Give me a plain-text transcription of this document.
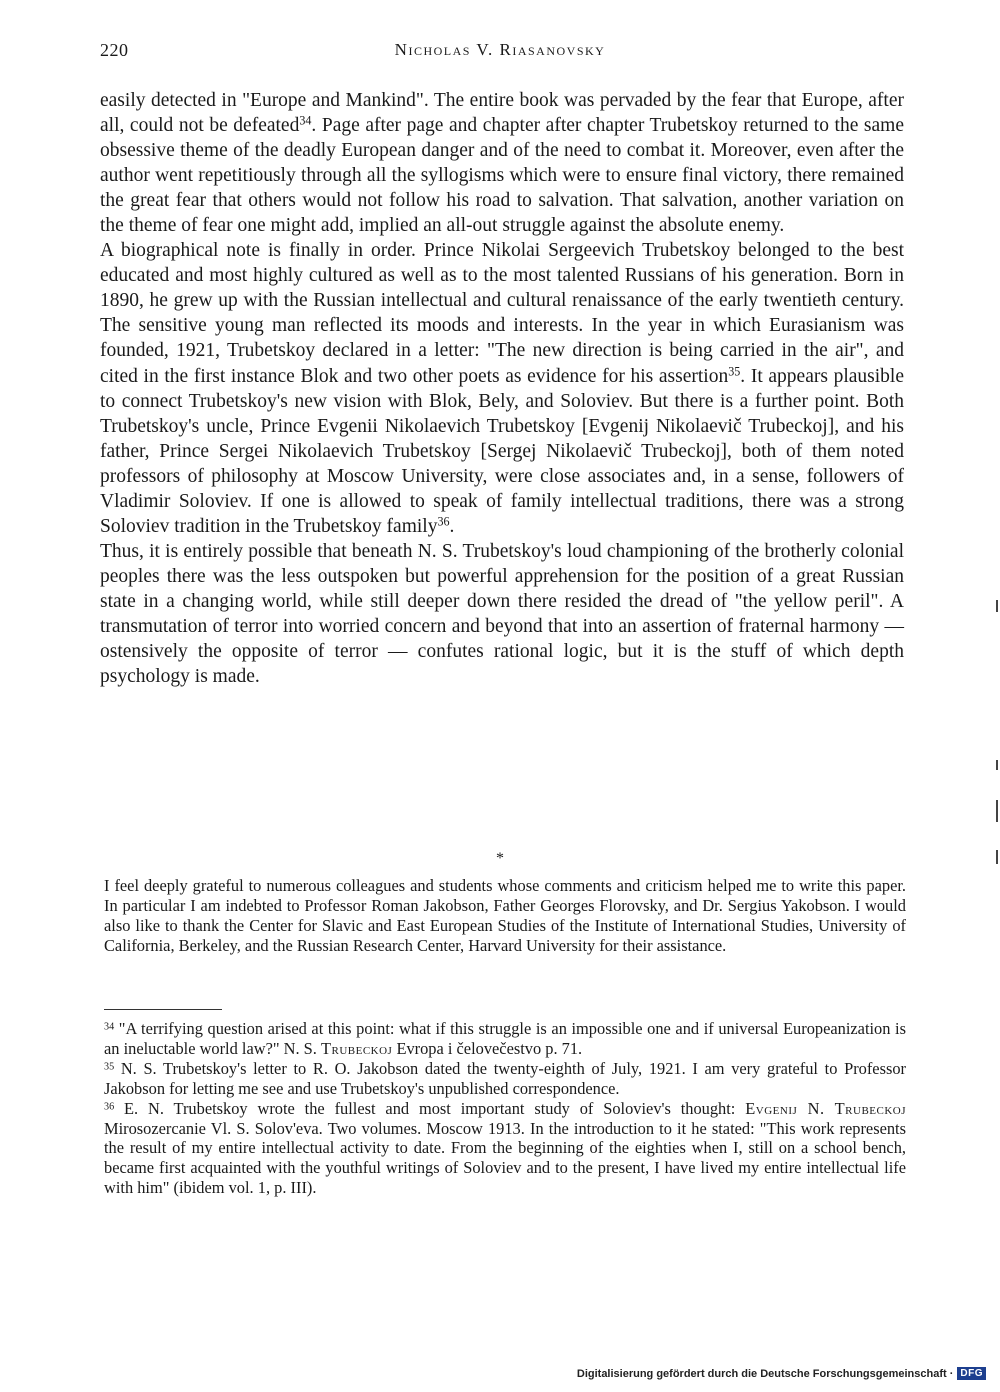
220	Nicholas V. Riasanovsky

easily detected in "Europe and Mankind". The entire book was pervaded by the fear that Europe, after all, could not be defeated$^{34}$. Page after page and chapter after chapter Trubetskoy returned to the same obsessive theme of the deadly European danger and of the need to combat it. Moreover, even after the author went repetitiously through all the syllogisms which were to ensure final victory, there remained the great fear that others would not follow his road to salvation. That salvation, another variation on the theme of fear one might add, implied an all-out struggle against the absolute enemy.

A biographical note is finally in order. Prince Nikolai Sergeevich Trubetskoy belonged to the best educated and most highly cultured as well as to the most talented Russians of his generation. Born in 1890, he grew up with the Russian intellectual and cultural renaissance of the early twentieth century. The sensitive young man reflected its moods and interests. In the year in which Eurasianism was founded, 1921, Trubetskoy declared in a letter: "The new direction is being carried in the air", and cited in the first instance Blok and two other poets as evidence for his assertion$^{35}$. It appears plausible to connect Trubetskoy's new vision with Blok, Bely, and Soloviev. But there is a further point. Both Trubetskoy's uncle, Prince Evgenii Nikolaevich Trubetskoy [Evgenij Nikolaevič Trubeckoj], and his father, Prince Sergei Nikolaevich Trubetskoy [Sergej Nikolaevič Trubeckoj], both of them noted professors of philosophy at Moscow University, were close associates and, in a sense, followers of Vladimir Soloviev. If one is allowed to speak of family intellectual traditions, there was a strong Soloviev tradition in the Trubetskoy family$^{36}$.

Thus, it is entirely possible that beneath N. S. Trubetskoy's loud championing of the brotherly colonial peoples there was the less outspoken but powerful apprehension for the position of a great Russian state in a changing world, while still deeper down there resided the dread of "the yellow peril". A transmutation of terror into worried concern and beyond that into an assertion of fraternal harmony — ostensively the opposite of terror — confutes rational logic, but it is the stuff of which depth psychology is made.

*

I feel deeply grateful to numerous colleagues and students whose comments and criticism helped me to write this paper. In particular I am indebted to Professor Roman Jakobson, Father Georges Florovsky, and Dr. Sergius Yakobson. I would also like to thank the Center for Slavic and East European Studies of the Institute of International Studies, University of California, Berkeley, and the Russian Research Center, Harvard University for their assistance.

$^{34}$ "A terrifying question arised at this point: what if this struggle is an impossible one and if universal Europeanization is an ineluctable world law?" N. S. Trubeckoj Evropa i čelovečestvo p. 71.

$^{35}$ N. S. Trubetskoy's letter to R. O. Jakobson dated the twenty-eighth of July, 1921. I am very grateful to Professor Jakobson for letting me see and use Trubetskoy's unpublished correspondence.

$^{36}$ E. N. Trubetskoy wrote the fullest and most important study of Soloviev's thought: Evgenij N. Trubeckoj Mirosozercanie Vl. S. Solov'eva. Two volumes. Moscow 1913. In the introduction to it he stated: "This work represents the result of my entire intellectual activity to date. From the beginning of the eighties when I, still on a school bench, became first acquainted with the youthful writings of Soloviev and to the present, I have lived my entire intellectual life with him" (ibidem vol. 1, p. III).

Digitalisierung gefördert durch die Deutsche Forschungsgemeinschaft · DFG
